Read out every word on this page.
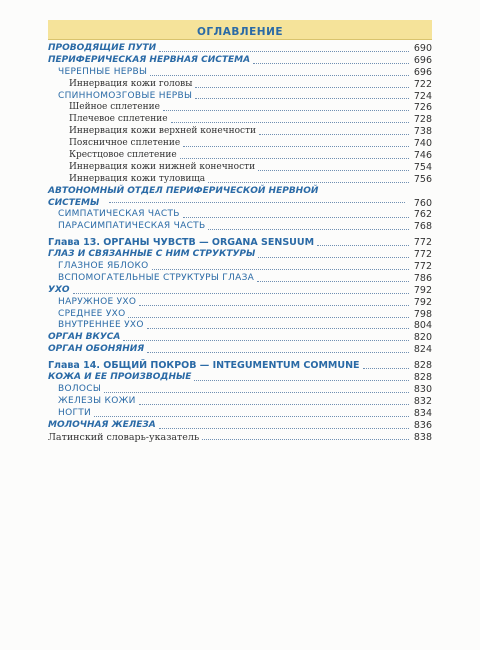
ОГЛАВЛЕНИЕ
ПРОВОДЯЩИЕ ПУТИ	690
ПЕРИФЕРИЧЕСКАЯ НЕРВНАЯ СИСТЕМА	696
ЧЕРЕПНЫЕ НЕРВЫ	696
Иннервация кожи головы	722
СПИННОМОЗГОВЫЕ НЕРВЫ	724
Шейное сплетение	726
Плечевое сплетение	728
Иннервация кожи верхней конечности	738
Поясничное сплетение	740
Крестцовое сплетение	746
Иннервация кожи нижней конечности	754
Иннервация кожи туловища	756
АВТОНОМНЫЙ ОТДЕЛ ПЕРИФЕРИЧЕСКОЙ НЕРВНОЙ СИСТЕМЫ	760
СИМПАТИЧЕСКАЯ ЧАСТЬ	762
ПАРАСИМПАТИЧЕСКАЯ ЧАСТЬ	768
Глава 13. ОРГАНЫ ЧУВСТВ — ORGANA SENSUUM	772
ГЛАЗ И СВЯЗАННЫЕ С НИМ СТРУКТУРЫ	772
ГЛАЗНОЕ ЯБЛОКО	772
ВСПОМОГАТЕЛЬНЫЕ СТРУКТУРЫ ГЛАЗА	786
УХО	792
НАРУЖНОЕ УХО	792
СРЕДНЕЕ УХО	798
ВНУТРЕННЕЕ УХО	804
ОРГАН ВКУСА	820
ОРГАН ОБОНЯНИЯ	824
Глава 14. ОБЩИЙ ПОКРОВ — INTEGUMENTUM COMMUNE	828
КОЖА И ЕЕ ПРОИЗВОДНЫЕ	828
ВОЛОСЫ	830
ЖЕЛЕЗЫ КОЖИ	832
НОГТИ	834
МОЛОЧНАЯ ЖЕЛЕЗА	836
Латинский словарь-указатель	838
